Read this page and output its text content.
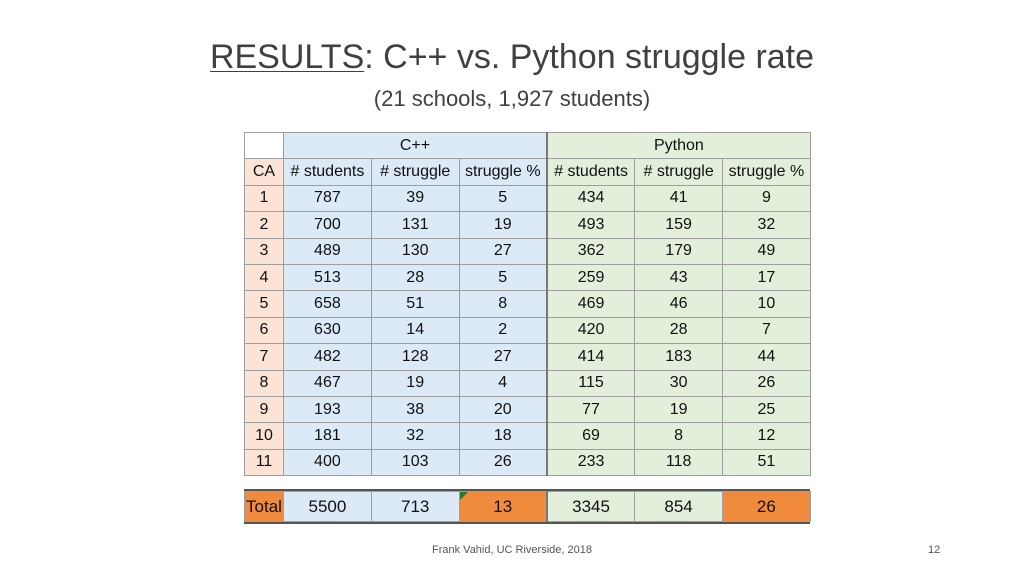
RESULTS: C++ vs. Python struggle rate
(21 schools, 1,927 students)
	C++			Python		
CA	# students	# struggle	struggle %	# students	# struggle	struggle %
1	787	39	5	434	41	9
2	700	131	19	493	159	32
3	489	130	27	362	179	49
4	513	28	5	259	43	17
5	658	51	8	469	46	10
6	630	14	2	420	28	7
7	482	128	27	414	183	44
8	467	19	4	115	30	26
9	193	38	20	77	19	25
10	181	32	18	69	8	12
11	400	103	26	233	118	51
Total	5500	713	13	3345	854	26
Frank Vahid, UC Riverside, 2018	12
